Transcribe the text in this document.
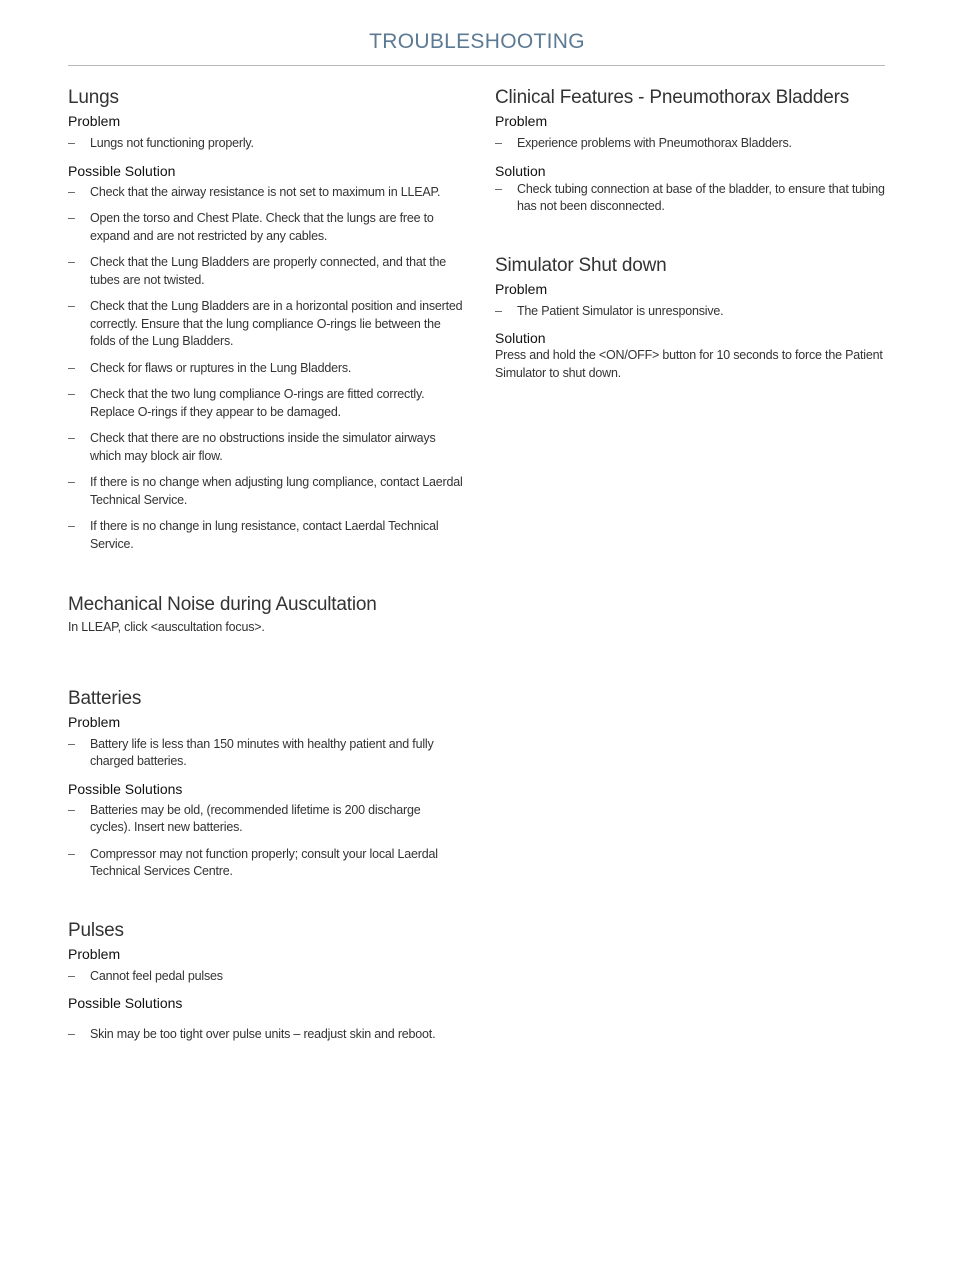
TROUBLESHOOTING
Lungs
Problem
– Lungs not functioning properly.
Possible Solution
– Check that the airway resistance is not set to maximum in LLEAP.
– Open the torso and Chest Plate. Check that the lungs are free to expand and are not restricted by any cables.
– Check that the Lung Bladders are properly connected, and that the tubes are not twisted.
– Check that the Lung Bladders are in a horizontal position and inserted correctly. Ensure that the lung compliance O-rings lie between the folds of the Lung Bladders.
– Check for flaws or ruptures in the Lung Bladders.
– Check that the two lung compliance O-rings are fitted correctly. Replace O-rings if they appear to be damaged.
– Check that there are no obstructions inside the simulator airways which may block air flow.
– If there is no change when adjusting lung compliance, contact Laerdal Technical Service.
– If there is no change in lung resistance, contact Laerdal Technical Service.
Mechanical Noise during Auscultation

In LLEAP, click <auscultation focus>.

Batteries
Problem
– Battery life is less than 150 minutes with healthy patient and fully charged batteries.
Possible Solutions
– Batteries may be old, (recommended lifetime is 200 discharge cycles). Insert new batteries.
– Compressor may not function properly; consult your local Laerdal Technical Services Centre.
Pulses
Problem
– Cannot feel pedal pulses
Possible Solutions
– Skin may be too tight over pulse units – readjust skin and reboot.
Clinical Features - Pneumothorax Bladders
Problem
– Experience problems with Pneumothorax Bladders.
Solution
– Check tubing connection at base of the bladder, to ensure that tubing has not been disconnected.
Simulator Shut down
Problem
– The Patient Simulator is unresponsive.
Solution

Press and hold the <ON/OFF> button for 10 seconds to force the Patient Simulator to shut down.
